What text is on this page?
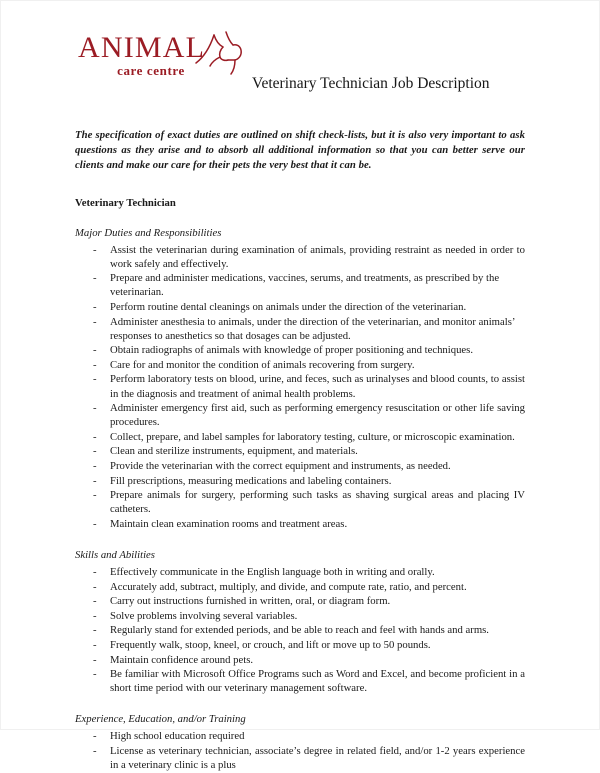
ANIMAL
care centre
Veterinary Technician Job Description

The specification of exact duties are outlined on shift check-lists, but it is also very important to ask questions as they arise and to absorb all additional information so that you can better serve our clients and make our care for their pets the very best that it can be.

Veterinary Technician

Major Duties and Responsibilities

- Assist the veterinarian during examination of animals, providing restraint as needed in order to work safely and effectively.
- Prepare and administer medications, vaccines, serums, and treatments, as prescribed by the veterinarian.
- Perform routine dental cleanings on animals under the direction of the veterinarian.
- Administer anesthesia to animals, under the direction of the veterinarian, and monitor animals’ responses to anesthetics so that dosages can be adjusted.
- Obtain radiographs of animals with knowledge of proper positioning and techniques.
- Care for and monitor the condition of animals recovering from surgery.
- Perform laboratory tests on blood, urine, and feces, such as urinalyses and blood counts, to assist in the diagnosis and treatment of animal health problems.
- Administer emergency first aid, such as performing emergency resuscitation or other life saving procedures.
- Collect, prepare, and label samples for laboratory testing, culture, or microscopic examination.
- Clean and sterilize instruments, equipment, and materials.
- Provide the veterinarian with the correct equipment and instruments, as needed.
- Fill prescriptions, measuring medications and labeling containers.
- Prepare animals for surgery, performing such tasks as shaving surgical areas and placing IV catheters.
- Maintain clean examination rooms and treatment areas.

Skills and Abilities

- Effectively communicate in the English language both in writing and orally.
- Accurately add, subtract, multiply, and divide, and compute rate, ratio, and percent.
- Carry out instructions furnished in written, oral, or diagram form.
- Solve problems involving several variables.
- Regularly stand for extended periods, and be able to reach and feel with hands and arms.
- Frequently walk, stoop, kneel, or crouch, and lift or move up to 50 pounds.
- Maintain confidence around pets.
- Be familiar with Microsoft Office Programs such as Word and Excel, and become proficient in a short time period with our veterinary management software.

Experience, Education, and/or Training

- High school education required
- License as veterinary technician, associate’s degree in related field, and/or 1-2 years experience in a veterinary clinic is a plus
